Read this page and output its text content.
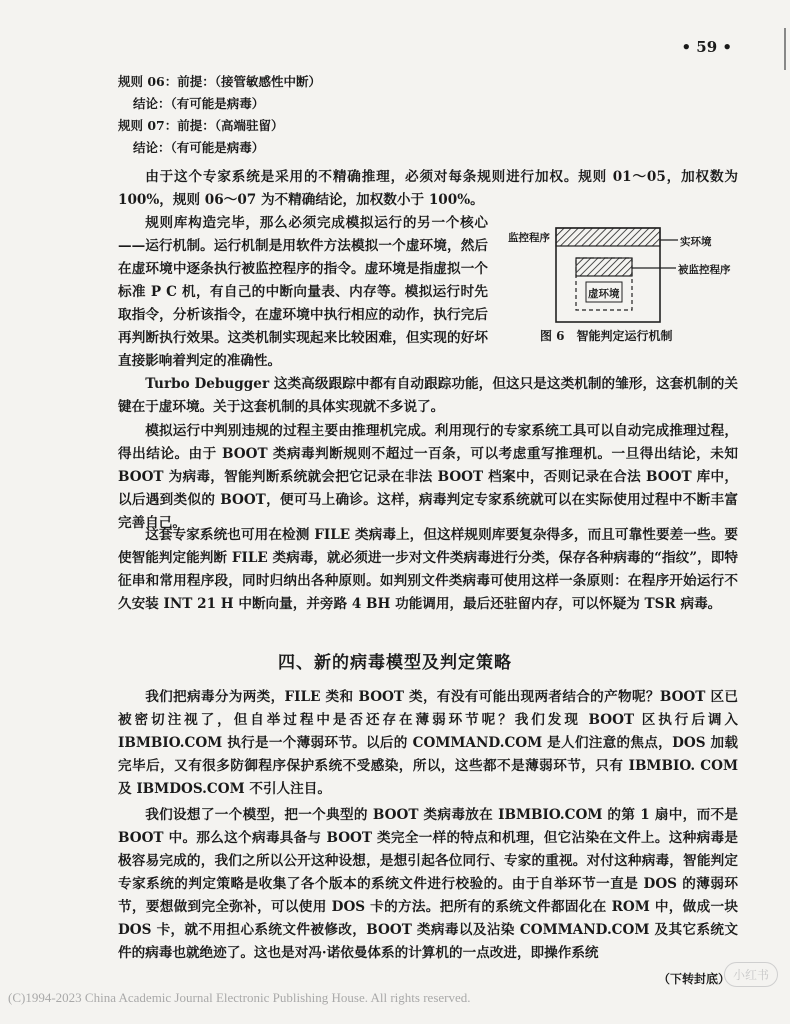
• 59 •
规则 06：前提：（接管敏感性中断）
结论：（有可能是病毒）
规则 07：前提：（高端驻留）
结论：（有可能是病毒）

由于这个专家系统是采用的不精确推理，必须对每条规则进行加权。规则 01～05，加权数为100%，规则 06～07 为不精确结论，加权数小于 100%。

规则库构造完毕，那么必须完成模拟运行的另一个核心——运行机制。运行机制是用软件方法模拟一个虚环境，然后在虚环境中逐条执行被监控程序的指令。虚环境是指虚拟一个标准 P C 机，有自己的中断向量表、内存等。模拟运行时先取指令，分析该指令，在虚环境中执行相应的动作，执行完后再判断执行效果。这类机制实现起来比较困难，但实现的好坏直接影响着判定的准确性。

监控程序	实环境
被监控程序
虚环境
图 6　智能判定运行机制

Turbo Debugger 这类高级跟踪中都有自动跟踪功能，但这只是这类机制的雏形，这套机制的关键在于虚环境。关于这套机制的具体实现就不多说了。

模拟运行中判别违规的过程主要由推理机完成。利用现行的专家系统工具可以自动完成推理过程，得出结论。由于 BOOT 类病毒判断规则不超过一百条，可以考虑重写推理机。一旦得出结论，未知 BOOT 为病毒，智能判断系统就会把它记录在非法 BOOT 档案中，否则记录在合法 BOOT 库中，以后遇到类似的 BOOT，便可马上确诊。这样，病毒判定专家系统就可以在实际使用过程中不断丰富完善自己。

这套专家系统也可用在检测 FILE 类病毒上，但这样规则库要复杂得多，而且可靠性要差一些。要使智能判定能判断 FILE 类病毒，就必须进一步对文件类病毒进行分类，保存各种病毒的“指纹”，即特征串和常用程序段，同时归纳出各种原则。如判别文件类病毒可使用这样一条原则：在程序开始运行不久安装 INT 21 H 中断向量，并旁路 4 BH 功能调用，最后还驻留内存，可以怀疑为 TSR 病毒。

四、新的病毒模型及判定策略

我们把病毒分为两类，FILE 类和 BOOT 类，有没有可能出现两者结合的产物呢？BOOT 区已被密切注视了，但自举过程中是否还存在薄弱环节呢？我们发现 BOOT 区执行后调入 IBMBIO.COM 执行是一个薄弱环节。以后的 COMMAND.COM 是人们注意的焦点，DOS 加载完毕后，又有很多防御程序保护系统不受感染，所以，这些都不是薄弱环节，只有 IBMBIO. COM 及 IBMDOS.COM 不引人注目。

我们设想了一个模型，把一个典型的 BOOT 类病毒放在 IBMBIO.COM 的第 1 扇中，而不是 BOOT 中。那么这个病毒具备与 BOOT 类完全一样的特点和机理，但它沾染在文件上。这种病毒是极容易完成的，我们之所以公开这种设想，是想引起各位同行、专家的重视。对付这种病毒，智能判定专家系统的判定策略是收集了各个版本的系统文件进行校验的。由于自举环节一直是 DOS 的薄弱环节，要想做到完全弥补，可以使用 DOS 卡的方法。把所有的系统文件都固化在 ROM 中，做成一块 DOS 卡，就不用担心系统文件被修改，BOOT 类病毒以及沾染 COMMAND.COM 及其它系统文件的病毒也就绝迹了。这也是对冯·诺依曼体系的计算机的一点改进，即操作系统

（下转封底） 小红书
(C)1994-2023 China Academic Journal Electronic Publishing House. All rights reserved.
